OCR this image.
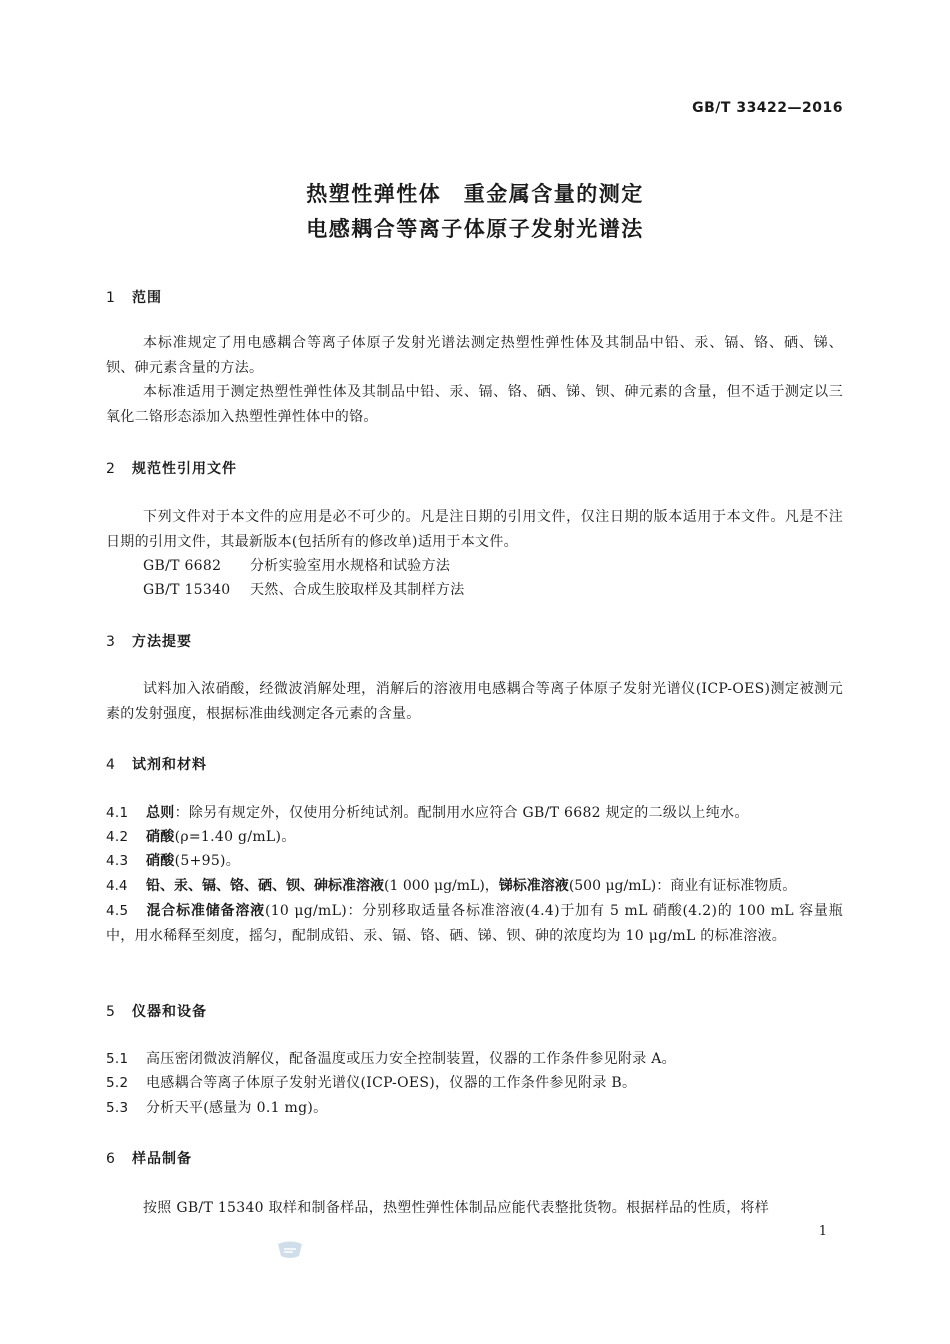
GB/T 33422—2016
热塑性弹性体　重金属含量的测定
电感耦合等离子体原子发射光谱法
1 范围
本标准规定了用电感耦合等离子体原子发射光谱法测定热塑性弹性体及其制品中铅、汞、镉、铬、硒、锑、钡、砷元素含量的方法。
本标准适用于测定热塑性弹性体及其制品中铅、汞、镉、铬、硒、锑、钡、砷元素的含量，但不适于测定以三氧化二铬形态添加入热塑性弹性体中的铬。
2 规范性引用文件
下列文件对于本文件的应用是必不可少的。凡是注日期的引用文件，仅注日期的版本适用于本文件。凡是不注日期的引用文件，其最新版本(包括所有的修改单)适用于本文件。
GB/T 6682 分析实验室用水规格和试验方法
GB/T 15340 天然、合成生胶取样及其制样方法
3 方法提要
试料加入浓硝酸，经微波消解处理，消解后的溶液用电感耦合等离子体原子发射光谱仪(ICP-OES)测定被测元素的发射强度，根据标准曲线测定各元素的含量。
4 试剂和材料
4.1 总则：除另有规定外，仅使用分析纯试剂。配制用水应符合 GB/T 6682 规定的二级以上纯水。
4.2 硝酸(ρ=1.40 g/mL)。
4.3 硝酸(5+95)。
4.4 铅、汞、镉、铬、硒、钡、砷标准溶液(1 000 μg/mL)，锑标准溶液(500 μg/mL)：商业有证标准物质。
4.5 混合标准储备溶液(10 μg/mL)：分别移取适量各标准溶液(4.4)于加有 5 mL 硝酸(4.2)的 100 mL 容量瓶中，用水稀释至刻度，摇匀，配制成铅、汞、镉、铬、硒、锑、钡、砷的浓度均为 10 μg/mL 的标准溶液。
5 仪器和设备
5.1 高压密闭微波消解仪，配备温度或压力安全控制装置，仪器的工作条件参见附录 A。
5.2 电感耦合等离子体原子发射光谱仪(ICP-OES)，仪器的工作条件参见附录 B。
5.3 分析天平(感量为 0.1 mg)。
6 样品制备
按照 GB/T 15340 取样和制备样品，热塑性弹性体制品应能代表整批货物。根据样品的性质，将样
1
